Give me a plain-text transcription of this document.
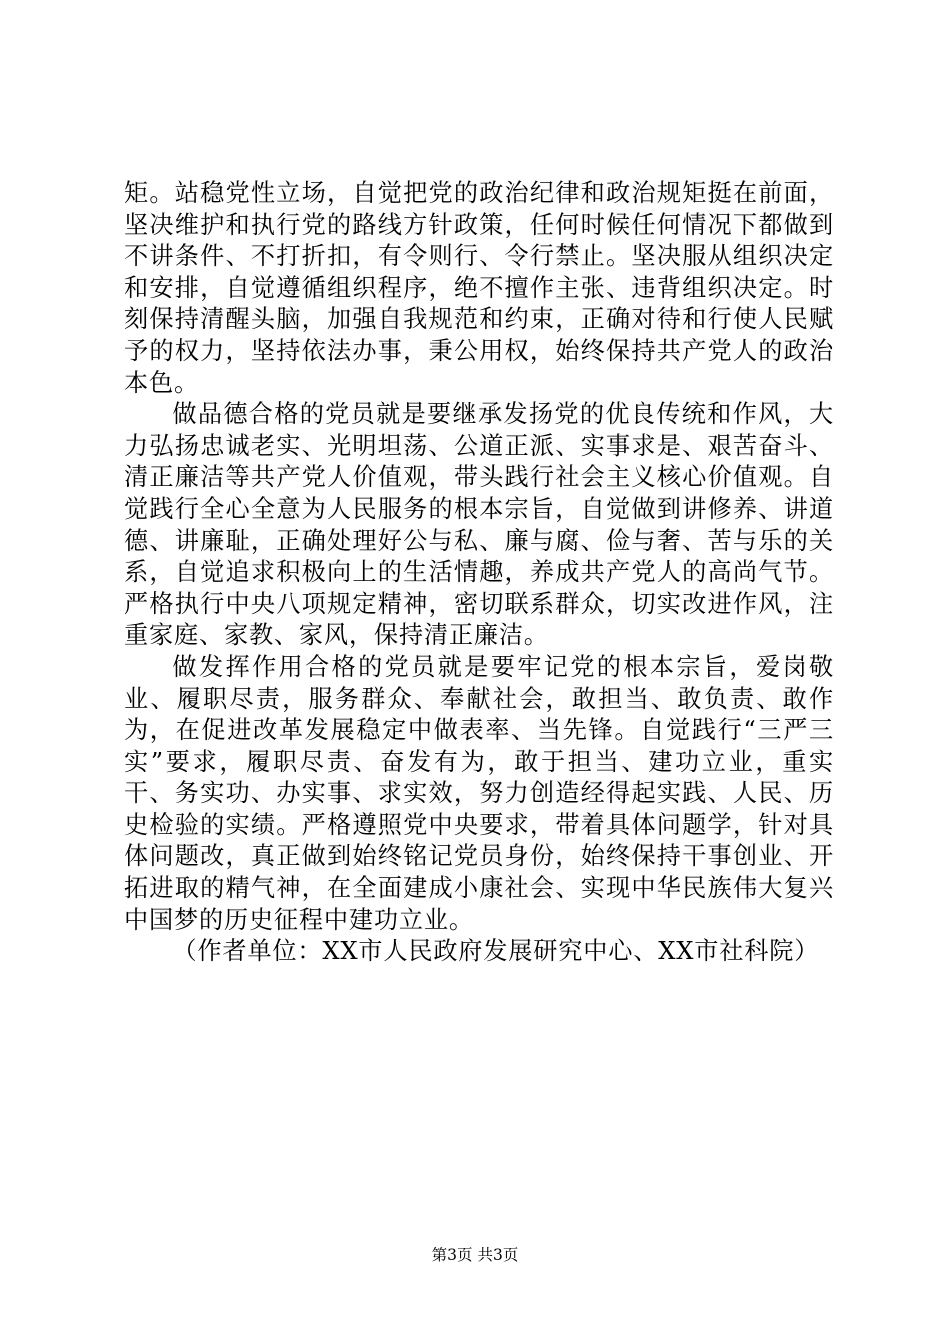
矩。站稳党性立场，自觉把党的政治纪律和政治规矩挺在前面，坚决维护和执行党的路线方针政策，任何时候任何情况下都做到不讲条件、不打折扣，有令则行、令行禁止。坚决服从组织决定和安排，自觉遵循组织程序，绝不擅作主张、违背组织决定。时刻保持清醒头脑，加强自我规范和约束，正确对待和行使人民赋予的权力，坚持依法办事，秉公用权，始终保持共产党人的政治本色。

做品德合格的党员就是要继承发扬党的优良传统和作风，大力弘扬忠诚老实、光明坦荡、公道正派、实事求是、艰苦奋斗、清正廉洁等共产党人价值观，带头践行社会主义核心价值观。自觉践行全心全意为人民服务的根本宗旨，自觉做到讲修养、讲道德、讲廉耻，正确处理好公与私、廉与腐、俭与奢、苦与乐的关系，自觉追求积极向上的生活情趣，养成共产党人的高尚气节。严格执行中央八项规定精神，密切联系群众，切实改进作风，注重家庭、家教、家风，保持清正廉洁。

做发挥作用合格的党员就是要牢记党的根本宗旨，爱岗敬业、履职尽责，服务群众、奉献社会，敢担当、敢负责、敢作为，在促进改革发展稳定中做表率、当先锋。自觉践行“三严三实”要求，履职尽责、奋发有为，敢于担当、建功立业，重实干、务实功、办实事、求实效，努力创造经得起实践、人民、历史检验的实绩。严格遵照党中央要求，带着具体问题学，针对具体问题改，真正做到始终铭记党员身份，始终保持干事创业、开拓进取的精气神，在全面建成小康社会、实现中华民族伟大复兴中国梦的历史征程中建功立业。

（作者单位：XX市人民政府发展研究中心、XX市社科院）

第3页 共3页
